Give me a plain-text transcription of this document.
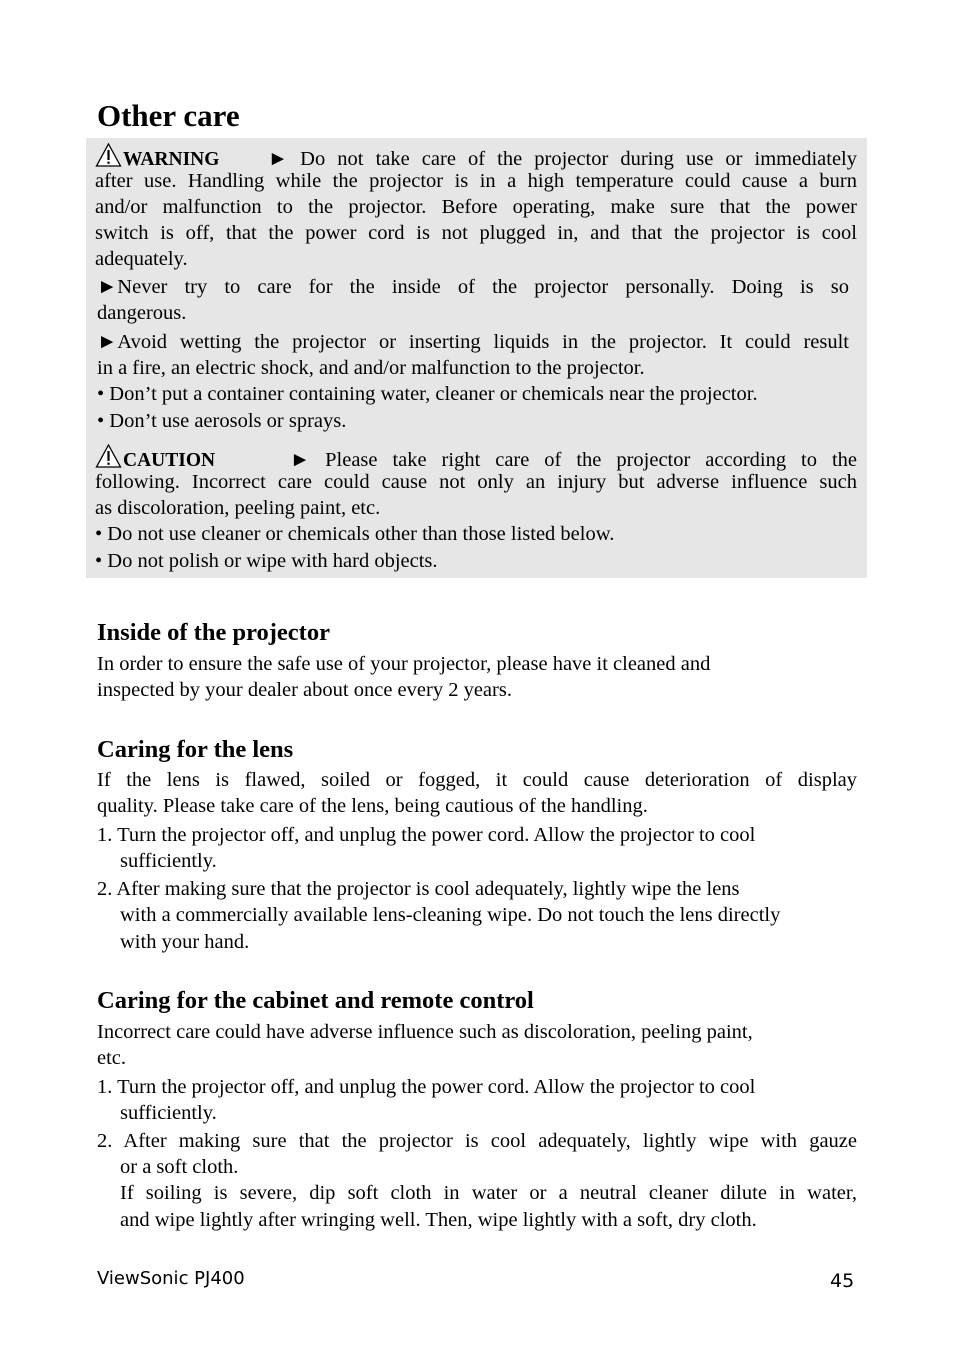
Other care
WARNING ► Do not take care of the projector during use or immediately
after use. Handling while the projector is in a high temperature could cause a burn
and/or malfunction to the projector. Before operating, make sure that the power
switch is off, that the power cord is not plugged in, and that the projector is cool
adequately.
►Never try to care for the inside of the projector personally. Doing is so
dangerous.
►Avoid wetting the projector or inserting liquids in the projector. It could result
in a fire, an electric shock, and and/or malfunction to the projector.
• Don’t put a container containing water, cleaner or chemicals near the projector.
• Don’t use aerosols or sprays.
CAUTION	► Please take right care of the projector according to the
following. Incorrect care could cause not only an injury but adverse influence such
as discoloration, peeling paint, etc.
• Do not use cleaner or chemicals other than those listed below.
• Do not polish or wipe with hard objects.
Inside of the projector
In order to ensure the safe use of your projector, please have it cleaned and
inspected by your dealer about once every 2 years.
Caring for the lens
If the lens is flawed, soiled or fogged, it could cause deterioration of display
quality. Please take care of the lens, being cautious of the handling.
1. Turn the projector off, and unplug the power cord. Allow the projector to cool
sufficiently.
2. After making sure that the projector is cool adequately, lightly wipe the lens
with a commercially available lens-cleaning wipe. Do not touch the lens directly
with your hand.
Caring for the cabinet and remote control
Incorrect care could have adverse influence such as discoloration, peeling paint,
etc.
1. Turn the projector off, and unplug the power cord. Allow the projector to cool
sufficiently.
2. After making sure that the projector is cool adequately, lightly wipe with gauze
or a soft cloth.
If soiling is severe, dip soft cloth in water or a neutral cleaner dilute in water,
and wipe lightly after wringing well. Then, wipe lightly with a soft, dry cloth.
ViewSonic PJ400	45
